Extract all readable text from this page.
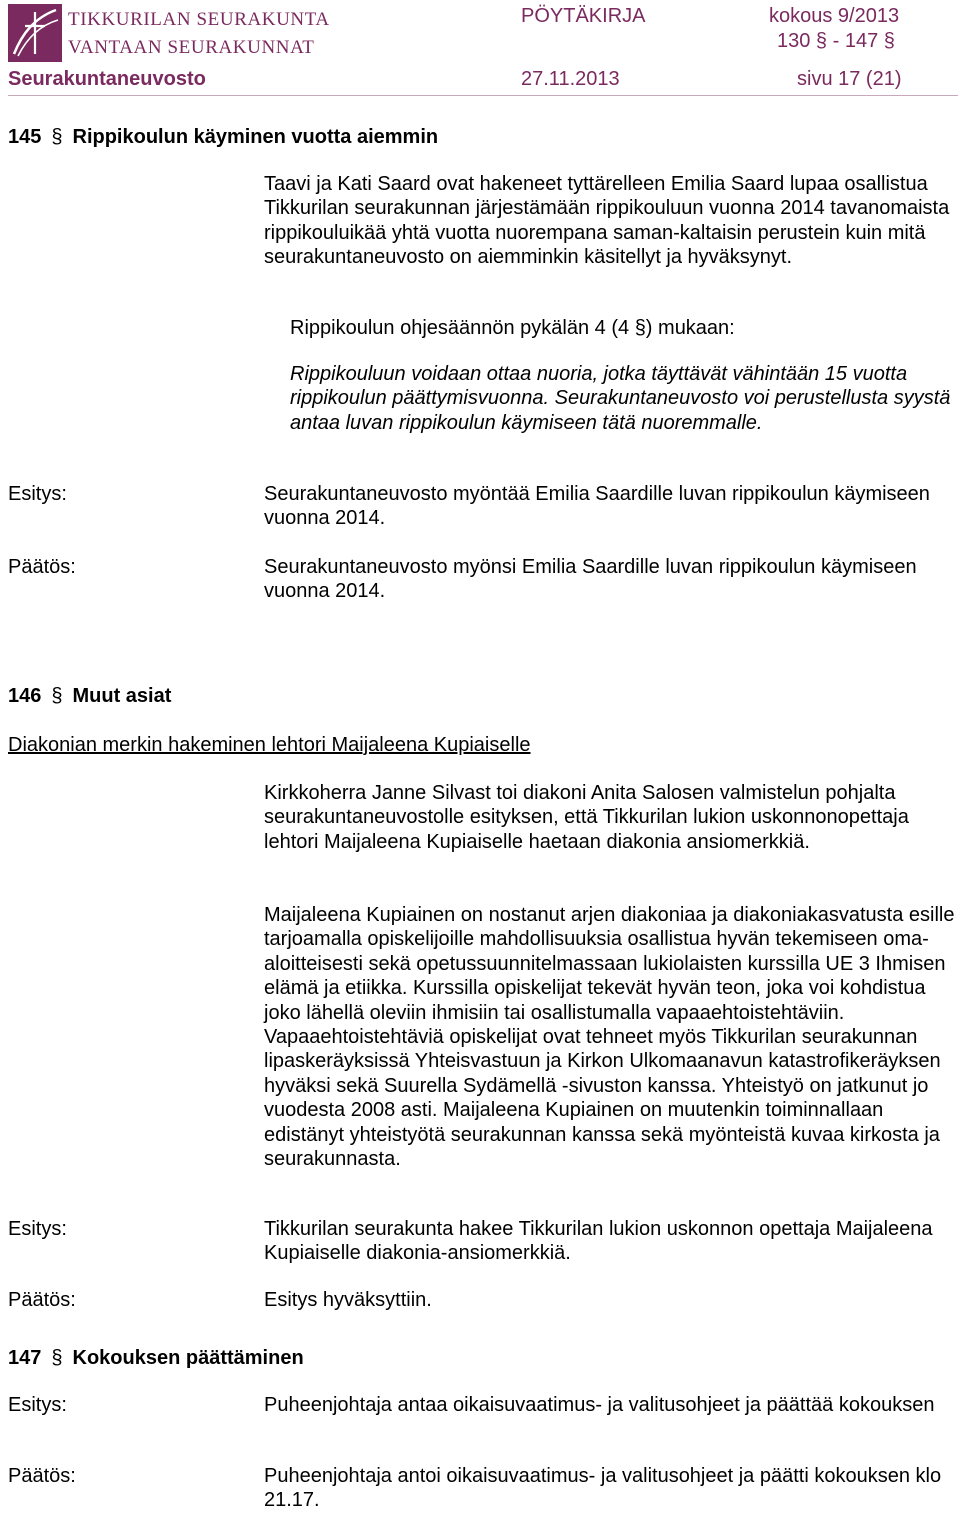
TIKKURILAN SEURAKUNTA
VANTAAN SEURAKUNNAT
PÖYTÄKIRJA	kokous 9/2013
130 § - 147 §
Seurakuntaneuvosto	27.11.2013	sivu 17 (21)
145 § Rippikoulun käyminen vuotta aiemmin

Taavi ja Kati Saard ovat hakeneet tyttärelleen Emilia Saard lupaa osallistua Tikkurilan seurakunnan järjestämään rippikouluun vuonna 2014 tavanomaista rippikouluikää yhtä vuotta nuorempana saman-kaltaisin perustein kuin mitä seurakuntaneuvosto on aiemminkin käsitellyt ja hyväksynyt.

Rippikoulun ohjesäännön pykälän 4 (4 §) mukaan:

Rippikouluun voidaan ottaa nuoria, jotka täyttävät vähintään 15 vuotta rippikoulun päättymisvuonna. Seurakuntaneuvosto voi perustellusta syystä antaa luvan rippikoulun käymiseen tätä nuoremmalle.

Esitys:	Seurakuntaneuvosto myöntää Emilia Saardille luvan rippikoulun käymiseen vuonna 2014.

Päätös:	Seurakuntaneuvosto myönsi Emilia Saardille luvan rippikoulun käymiseen vuonna 2014.

146 § Muut asiat
Diakonian merkin hakeminen lehtori Maijaleena Kupiaiselle

Kirkkoherra Janne Silvast toi diakoni Anita Salosen valmistelun pohjalta seurakuntaneuvostolle esityksen, että Tikkurilan lukion uskonnonopettaja lehtori Maijaleena Kupiaiselle haetaan diakonia ansiomerkkiä.

Maijaleena Kupiainen on nostanut arjen diakoniaa ja diakoniakasvatusta esille tarjoamalla opiskelijoille mahdollisuuksia osallistua hyvän tekemiseen oma-aloitteisesti sekä opetussuunnitelmassaan lukiolaisten kurssilla UE 3 Ihmisen elämä ja etiikka. Kurssilla opiskelijat tekevät hyvän teon, joka voi kohdistua joko lähellä oleviin ihmisiin tai osallistumalla vapaaehtoistehtäviin. Vapaaehtoistehtäviä opiskelijat ovat tehneet myös Tikkurilan seurakunnan lipaskeräyksissä Yhteisvastuun ja Kirkon Ulkomaanavun katastrofikeräyksen hyväksi sekä Suurella Sydämellä -sivuston kanssa. Yhteistyö on jatkunut jo vuodesta 2008 asti. Maijaleena Kupiainen on muutenkin toiminnallaan edistänyt yhteistyötä seurakunnan kanssa sekä myönteistä kuvaa kirkosta ja seurakunnasta.

Esitys:	Tikkurilan seurakunta hakee Tikkurilan lukion uskonnon opettaja Maijaleena Kupiaiselle diakonia-ansiomerkkiä.

Päätös:	Esitys hyväksyttiin.

147 § Kokouksen päättäminen
Esitys:	Puheenjohtaja antaa oikaisuvaatimus- ja valitusohjeet ja päättää kokouksen

Päätös:	Puheenjohtaja antoi oikaisuvaatimus- ja valitusohjeet ja päätti kokouksen klo 21.17.
